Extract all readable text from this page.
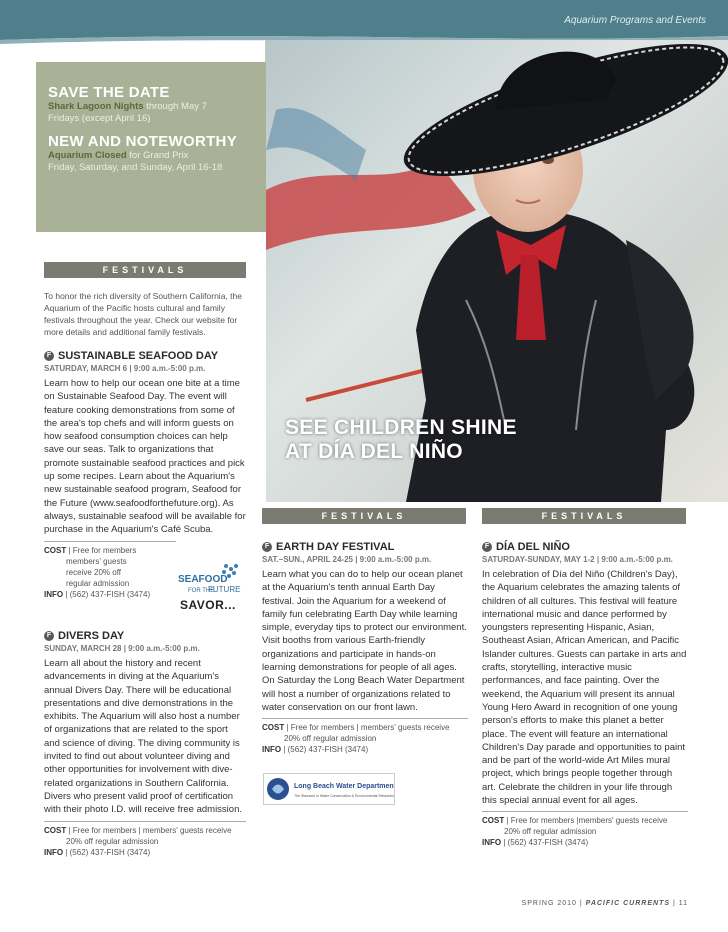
Aquarium Programs and Events
SAVE THE DATE
Shark Lagoon Nights through May 7
Fridays (except April 16)
NEW AND NOTEWORTHY
Aquarium Closed for Grand Prix
Friday, Saturday, and Sunday, April 16-18
FESTIVALS
To honor the rich diversity of Southern California, the Aquarium of the Pacific hosts cultural and family festivals throughout the year. Check our website for more details and additional family festivals.
F SUSTAINABLE SEAFOOD DAY
SATURDAY, MARCH 6 | 9:00 a.m.-5:00 p.m.
Learn how to help our ocean one bite at a time on Sustainable Seafood Day. The event will feature cooking demonstrations from some of the area's top chefs and will inform guests on how seafood consumption choices can help save our seas. Talk to organizations that promote sustainable seafood practices and pick up some recipes. Learn about the Aquarium's new sustainable seafood program, Seafood for the Future (www.seafoodforthefuture.org). As always, sustainable seafood will be available for purchase in the Aquarium's Café Scuba.
COST | Free for members
members' guests
receive 20% off
regular admission
INFO | (562) 437-FISH (3474)
SEAFOOD
FOR THE
FUTURE
SAVOR...
F DIVERS DAY
SUNDAY, MARCH 28 | 9:00 a.m.-5:00 p.m.
Learn all about the history and recent advancements in diving at the Aquarium's annual Divers Day. There will be educational presentations and dive demonstrations in the exhibits. The Aquarium will also host a number of organizations that are related to the sport and science of diving. The diving community is invited to find out about volunteer diving and other opportunities for involvement with dive-related organizations in Southern California. Divers who present valid proof of certification with their photo I.D. will receive free admission.
COST | Free for members | members' guests receive
20% off regular admission
INFO | (562) 437-FISH (3474)
SEE CHILDREN SHINE
AT DÍA DEL NIÑO
FESTIVALS	FESTIVALS
F EARTH DAY FESTIVAL
SAT.–SUN., APRIL 24-25 | 9:00 a.m.-5:00 p.m.
Learn what you can do to help our ocean planet at the Aquarium's tenth annual Earth Day festival. Join the Aquarium for a weekend of family fun celebrating Earth Day while learning simple, everyday tips to protect our environment. Visit booths from various Earth-friendly organizations and participate in hands-on learning demonstrations for people of all ages. On Saturday the Long Beach Water Department will host a number of organizations related to water conservation on our front lawn.
COST | Free for members | members' guests receive
20% off regular admission
INFO | (562) 437-FISH (3474)
Long Beach Water Department
The Standard in Water Conservation & Environmental Stewardship
F DÍA DEL NIÑO
SATURDAY-SUNDAY, MAY 1-2 | 9:00 a.m.-5:00 p.m.
In celebration of Día del Niño (Children's Day), the Aquarium celebrates the amazing talents of children of all cultures. This festival will feature international music and dance performed by youngsters representing Hispanic, Asian, Southeast Asian, African American, and Pacific Islander cultures. Guests can partake in arts and crafts, storytelling, interactive music performances, and face painting. Over the weekend, the Aquarium will present its annual Young Hero Award in recognition of one young person's efforts to make this planet a better place. The event will feature an international Children's Day parade and opportunities to paint and be part of the world-wide Art Miles mural project, which brings people together through art. Celebrate the children in your life through this special annual event for all ages.
COST | Free for members |members' guests receive
20% off regular admission
INFO | (562) 437-FISH (3474)
SPRING 2010 | PACIFIC CURRENTS | 11
